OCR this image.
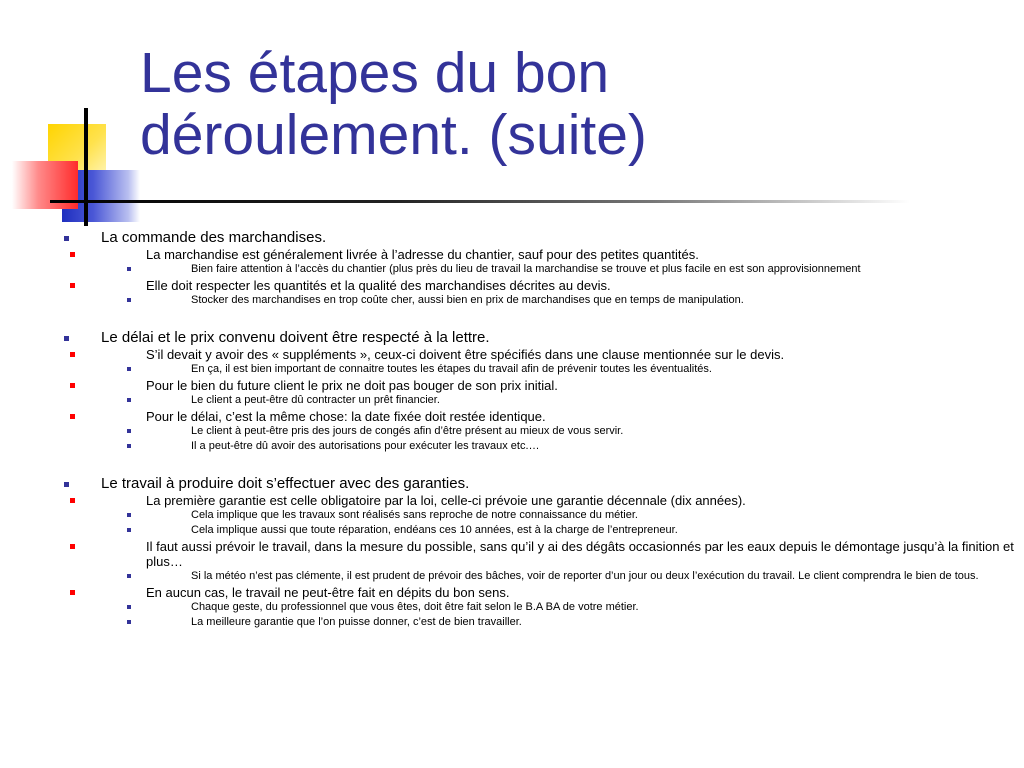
Les étapes du bon
déroulement. (suite)
La commande des marchandises.
La marchandise est généralement livrée à l’adresse du chantier, sauf pour des petites quantités.
Bien faire attention à l’accès du chantier (plus près du lieu de travail la marchandise se trouve et plus facile en est son approvisionnement
Elle doit respecter les quantités et la qualité des marchandises décrites au devis.
Stocker des marchandises en trop coûte cher, aussi bien en prix de marchandises que en temps de manipulation.
Le délai et le prix convenu doivent être respecté à la lettre.
S’il devait y avoir des « suppléments », ceux-ci doivent être spécifiés dans une clause mentionnée sur le devis.
En ça, il est bien important de connaitre toutes les étapes du travail afin de prévenir toutes les éventualités.
Pour le bien du future client le prix ne doit pas bouger de son prix initial.
Le client a peut-être dû contracter un prêt financier.
Pour le délai, c’est la même chose: la date fixée doit restée identique.
Le client à peut-être pris des jours de congés afin d’être présent au mieux de vous servir.
Il a peut-être dû avoir des autorisations pour exécuter les travaux etc.…
Le travail à produire doit s’effectuer avec des garanties.
La première garantie est celle obligatoire par la loi, celle-ci prévoie une garantie décennale (dix années).
Cela implique que les travaux sont réalisés sans reproche de notre connaissance du métier.
Cela implique aussi que toute réparation, endéans ces 10 années, est à la charge de l’entrepreneur.
Il faut aussi prévoir le travail, dans la mesure du possible, sans qu’il y ai des dégâts occasionnés par les eaux depuis le démontage jusqu’à la finition et plus…
Si la météo n’est pas clémente, il est prudent de prévoir des bâches, voir de reporter d’un jour ou deux l’exécution du travail. Le client comprendra le bien de tous.
En aucun cas, le travail ne peut-être fait en dépits du bon sens.
Chaque geste, du professionnel que vous êtes, doit être fait selon le B.A BA de votre métier.
La meilleure garantie que l’on puisse donner, c’est de bien travailler.
